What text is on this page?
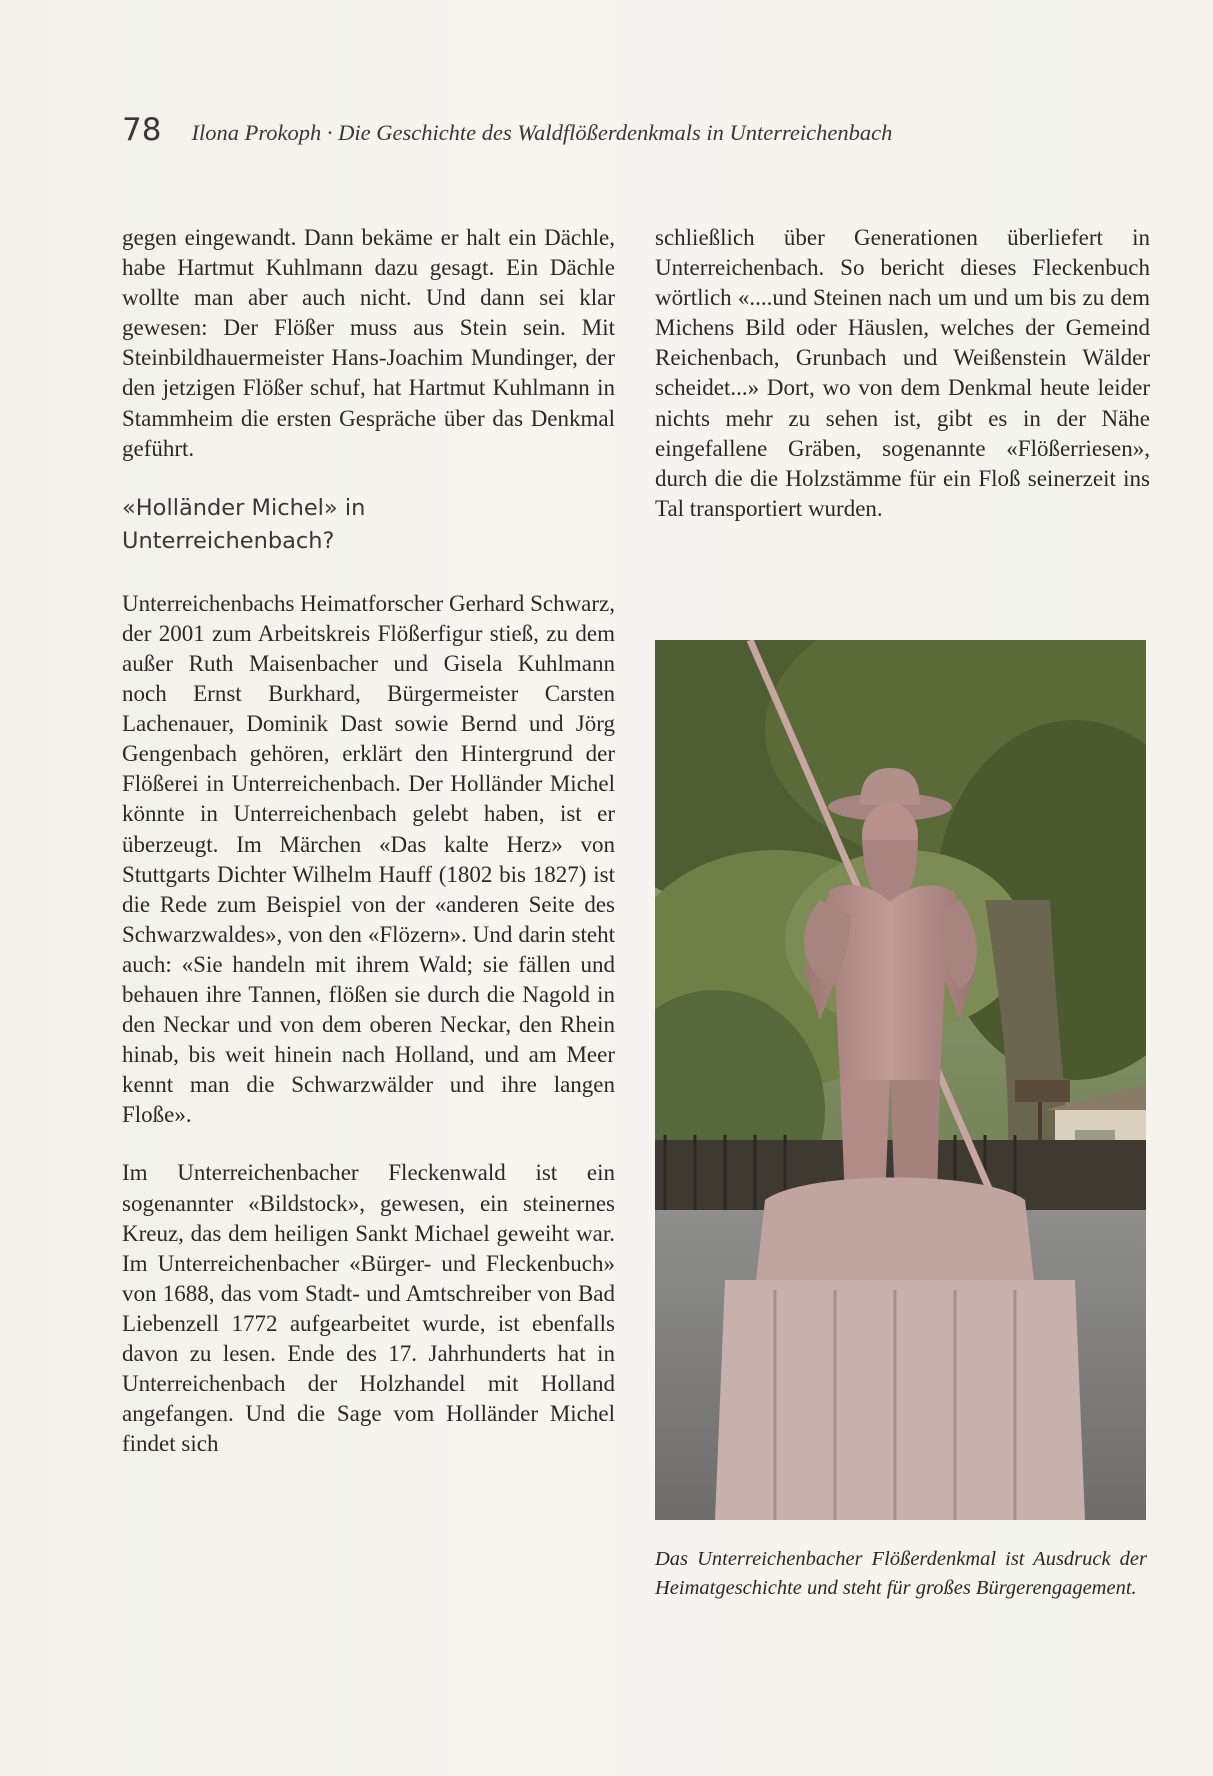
78 Ilona Prokoph · Die Geschichte des Waldflößerdenkmals in Unterreichenbach

gegen eingewandt. Dann bekäme er halt ein Dächle, habe Hartmut Kuhlmann dazu gesagt. Ein Dächle wollte man aber auch nicht. Und dann sei klar gewesen: Der Flößer muss aus Stein sein. Mit Steinbildhauermeister Hans-Joachim Mundinger, der den jetzigen Flößer schuf, hat Hartmut Kuhlmann in Stammheim die ersten Gespräche über das Denkmal geführt.

«Holländer Michel» in Unterreichenbach?

Unterreichenbachs Heimatforscher Gerhard Schwarz, der 2001 zum Arbeitskreis Flößerfigur stieß, zu dem außer Ruth Maisenbacher und Gisela Kuhlmann noch Ernst Burkhard, Bürgermeister Carsten Lachenauer, Dominik Dast sowie Bernd und Jörg Gengenbach gehören, erklärt den Hintergrund der Flößerei in Unterreichenbach. Der Holländer Michel könnte in Unterreichenbach gelebt haben, ist er überzeugt. Im Märchen «Das kalte Herz» von Stuttgarts Dichter Wilhelm Hauff (1802 bis 1827) ist die Rede zum Beispiel von der «anderen Seite des Schwarzwaldes», von den «Flözern». Und darin steht auch: «Sie handeln mit ihrem Wald; sie fällen und behauen ihre Tannen, flößen sie durch die Nagold in den Neckar und von dem oberen Neckar, den Rhein hinab, bis weit hinein nach Holland, und am Meer kennt man die Schwarzwälder und ihre langen Floße».

Im Unterreichenbacher Fleckenwald ist ein sogenannter «Bildstock», gewesen, ein steinernes Kreuz, das dem heiligen Sankt Michael geweiht war. Im Unterreichenbacher «Bürger- und Fleckenbuch» von 1688, das vom Stadt- und Amtschreiber von Bad Liebenzell 1772 aufgearbeitet wurde, ist ebenfalls davon zu lesen. Ende des 17. Jahrhunderts hat in Unterreichenbach der Holzhandel mit Holland angefangen. Und die Sage vom Holländer Michel findet sich

schließlich über Generationen überliefert in Unterreichenbach. So bericht dieses Fleckenbuch wörtlich «....und Steinen nach um und um bis zu dem Michens Bild oder Häuslen, welches der Gemeind Reichenbach, Grunbach und Weißenstein Wälder scheidet...» Dort, wo von dem Denkmal heute leider nichts mehr zu sehen ist, gibt es in der Nähe eingefallene Gräben, sogenannte «Flößerriesen», durch die die Holzstämme für ein Floß seinerzeit ins Tal transportiert wurden.

Das Unterreichenbacher Flößerdenkmal ist Ausdruck der Heimatgeschichte und steht für großes Bürgerengagement.
